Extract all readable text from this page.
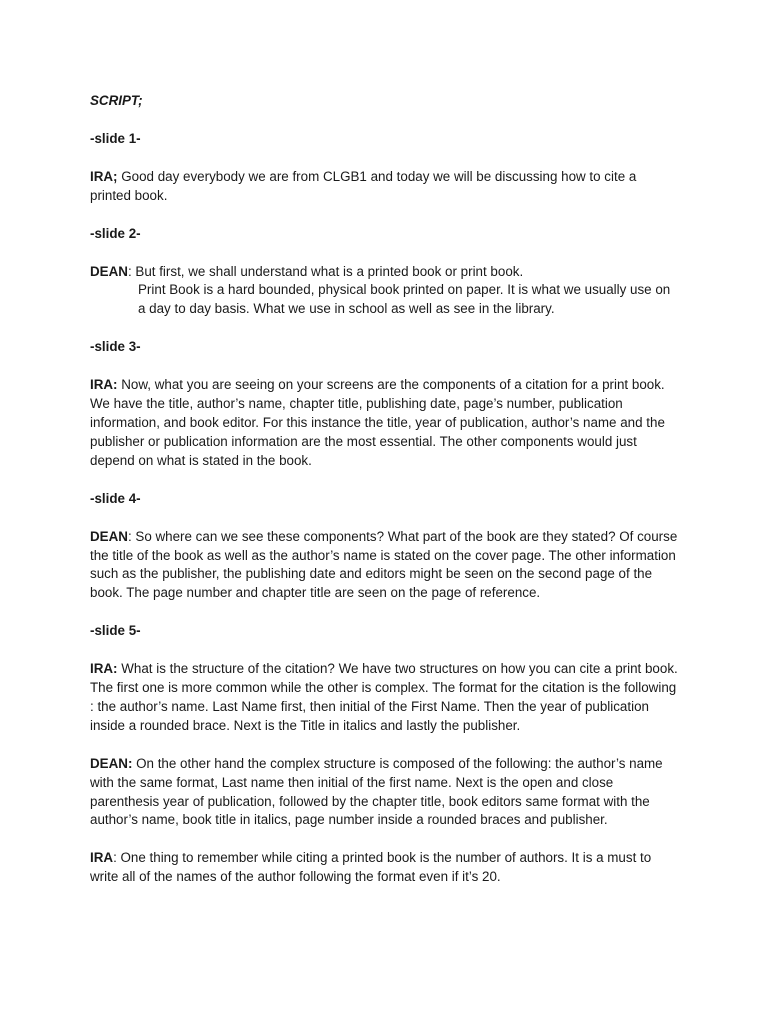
SCRIPT;

-slide 1-

IRA; Good day everybody we are from CLGB1 and today we will be discussing how to cite a printed book.

-slide 2-

DEAN: But first, we shall understand what is a printed book or print book.
Print Book is a hard bounded, physical book printed on paper. It is what we usually use on a day to day basis. What we use in school as well as see in the library.

-slide 3-

IRA: Now, what you are seeing on your screens are the components of a citation for a print book. We have the title, author’s name, chapter title, publishing date, page’s number, publication information, and book editor. For this instance the title, year of publication, author’s name and the publisher or publication information are the most essential. The other components would just depend on what is stated in the book.

-slide 4-

DEAN: So where can we see these components? What part of the book are they stated? Of course the title of the book as well as the author’s name is stated on the cover page. The other information such as the publisher, the publishing date and editors might be seen on the second page of the book. The page number and chapter title are seen on the page of reference.

-slide 5-

IRA: What is the structure of the citation? We have two structures on how you can cite a print book. The first one is more common while the other is complex. The format for the citation is the following : the author’s name. Last Name first, then initial of the First Name. Then the year of publication inside a rounded brace. Next is the Title in italics and lastly the publisher.

DEAN: On the other hand the complex structure is composed of the following: the author’s name with the same format, Last name then initial of the first name. Next is the open and close parenthesis year of publication, followed by the chapter title, book editors same format with the author’s name, book title in italics, page number inside a rounded braces and publisher.

IRA: One thing to remember while citing a printed book is the number of authors. It is a must to write all of the names of the author following the format even if it’s 20.
